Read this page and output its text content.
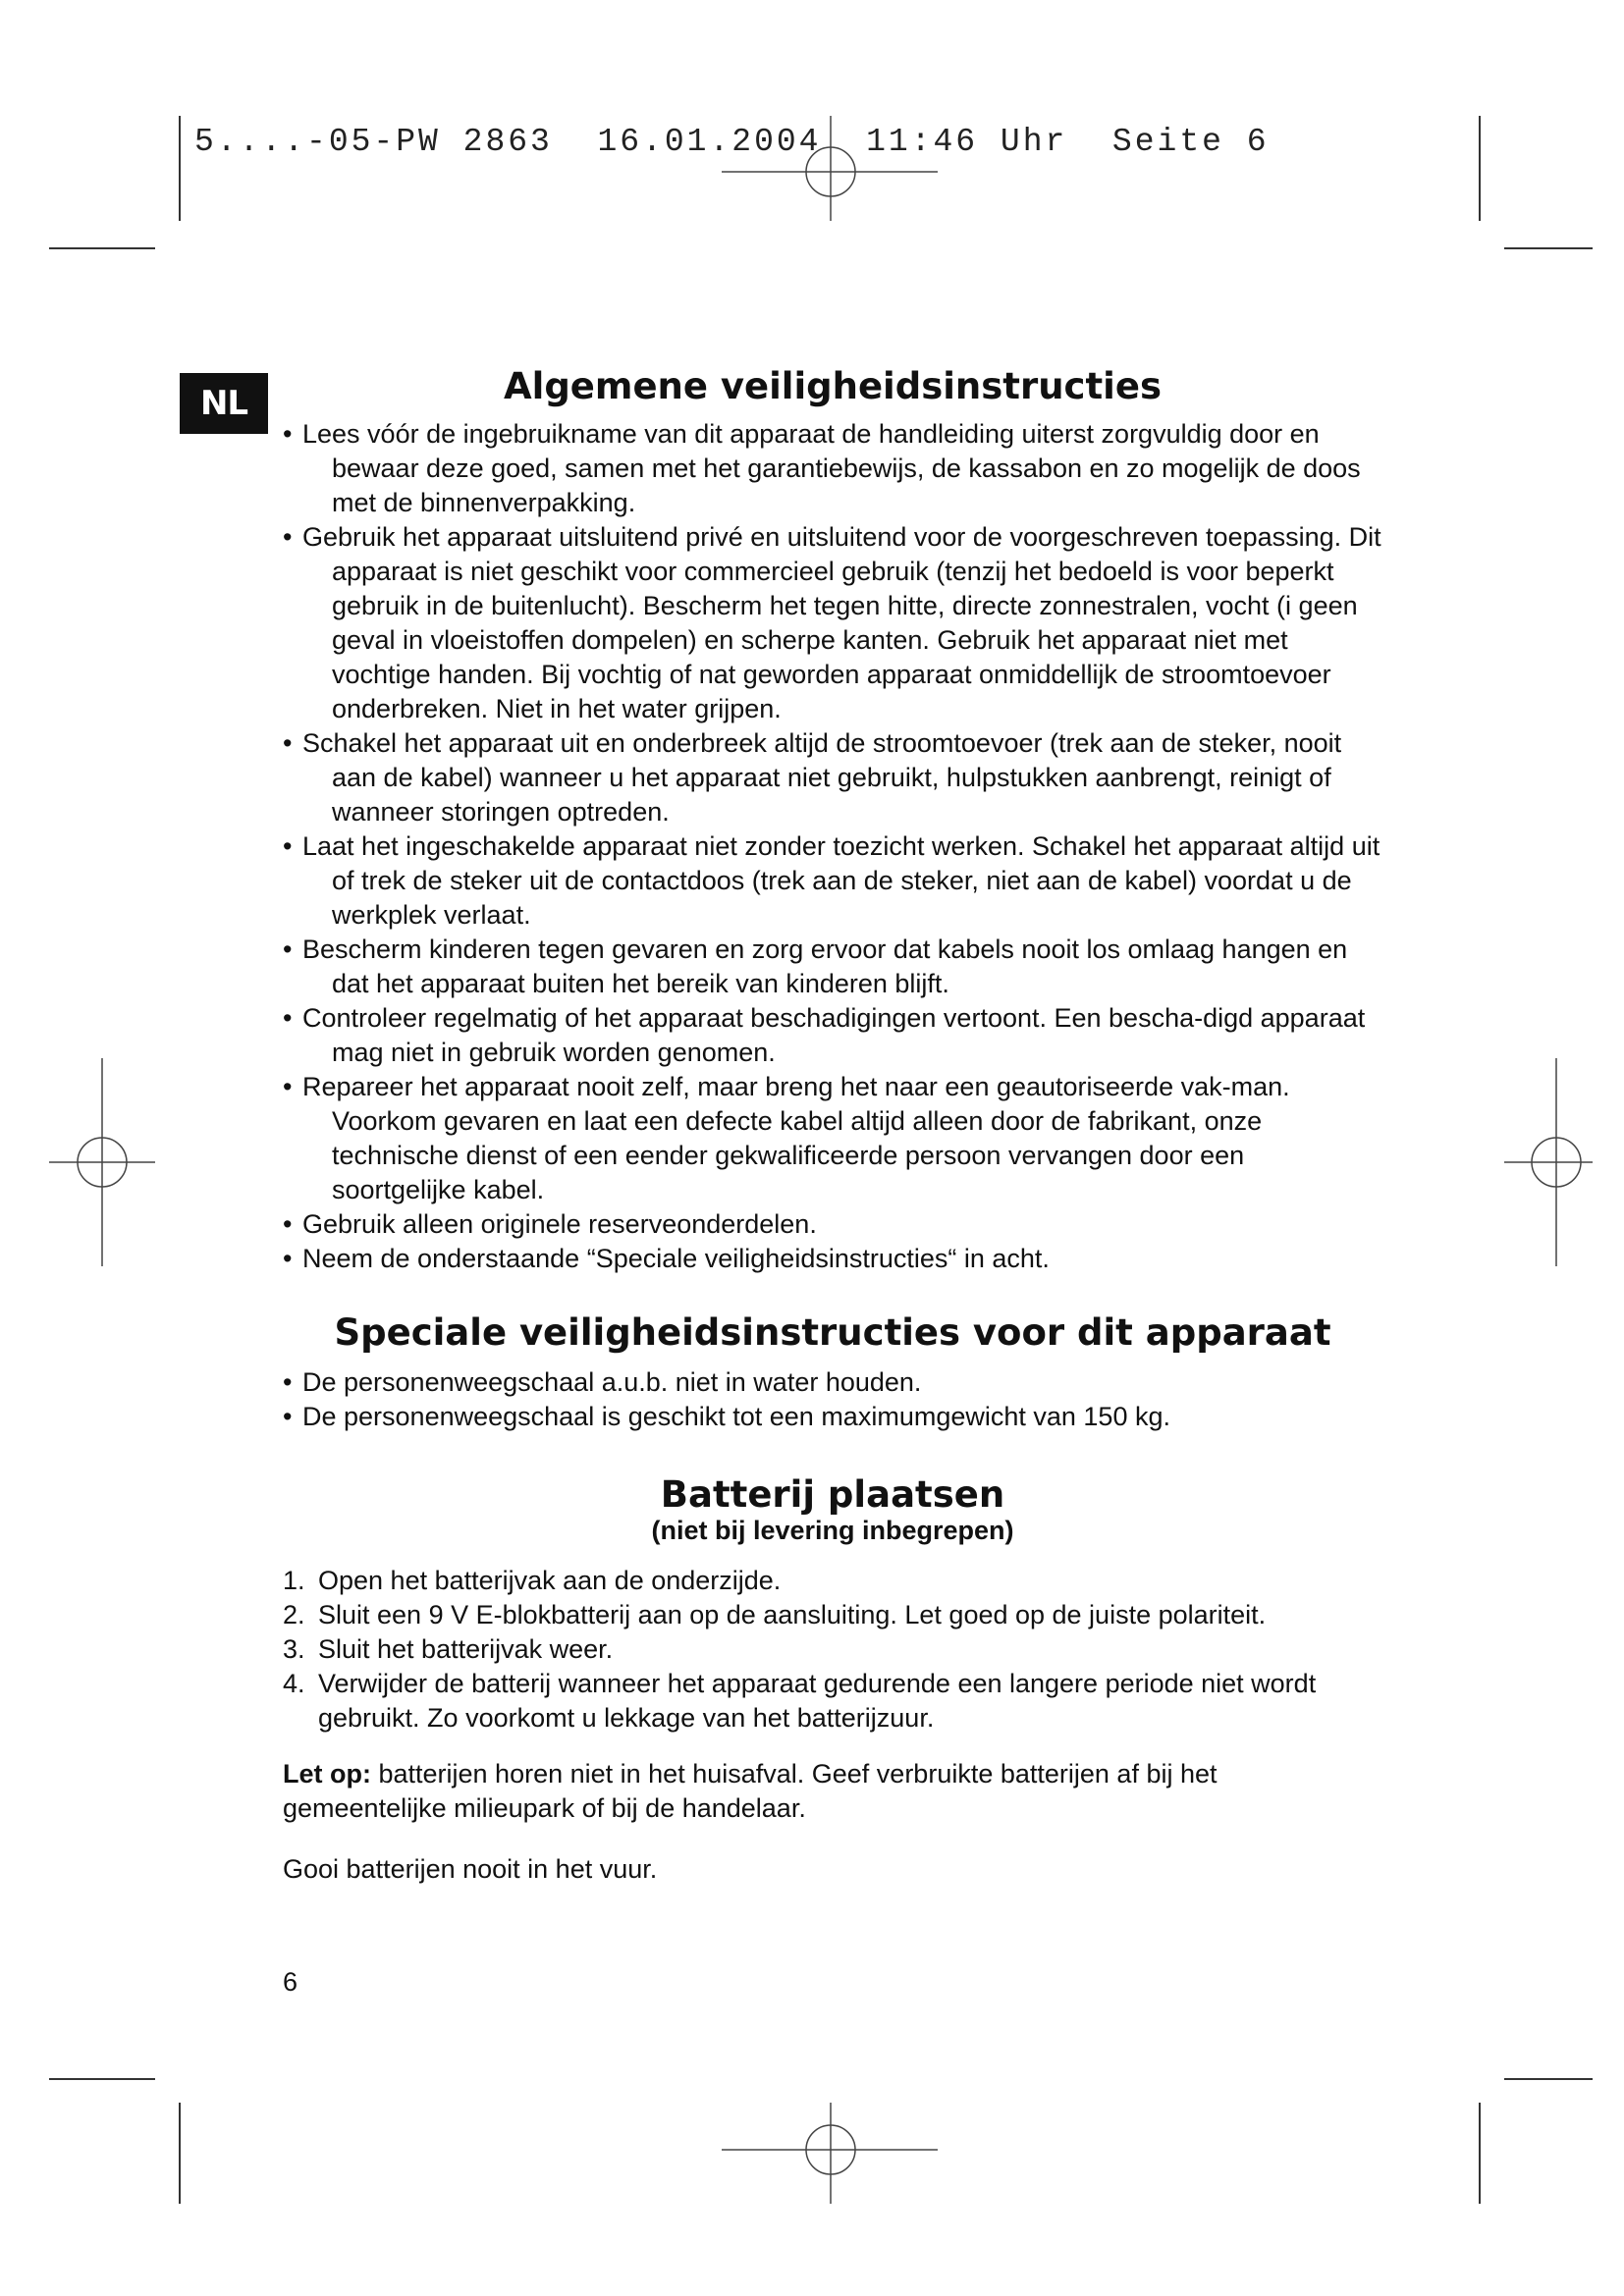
5....-05-PW 2863  16.01.2004  11:46 Uhr  Seite 6
NL	Algemene veiligheidsinstructies
• Lees vóór de ingebruikname van dit apparaat de handleiding uiterst zorgvuldig door en bewaar deze goed, samen met het garantiebewijs, de kassabon en zo mogelijk de doos met de binnenverpakking.
• Gebruik het apparaat uitsluitend privé en uitsluitend voor de voorgeschreven toepassing. Dit apparaat is niet geschikt voor commercieel gebruik (tenzij het bedoeld is voor beperkt gebruik in de buitenlucht). Bescherm het tegen hitte, directe zonnestralen, vocht (i geen geval in vloeistoffen dompelen) en scherpe kanten. Gebruik het apparaat niet met vochtige handen. Bij vochtig of nat geworden apparaat onmiddellijk de stroomtoevoer onderbreken. Niet in het water grijpen.
• Schakel het apparaat uit en onderbreek altijd de stroomtoevoer (trek aan de steker, nooit aan de kabel) wanneer u het apparaat niet gebruikt, hulpstukken aanbrengt, reinigt of wanneer storingen optreden.
• Laat het ingeschakelde apparaat niet zonder toezicht werken. Schakel het apparaat altijd uit of trek de steker uit de contactdoos (trek aan de steker, niet aan de kabel) voordat u de werkplek verlaat.
• Bescherm kinderen tegen gevaren en zorg ervoor dat kabels nooit los omlaag hangen en dat het apparaat buiten het bereik van kinderen blijft.
• Controleer regelmatig of het apparaat beschadigingen vertoont. Een bescha-digd apparaat mag niet in gebruik worden genomen.
• Repareer het apparaat nooit zelf, maar breng het naar een geautoriseerde vak-man. Voorkom gevaren en laat een defecte kabel altijd alleen door de fabrikant, onze technische dienst of een eender gekwalificeerde persoon vervangen door een soortgelijke kabel.
• Gebruik alleen originele reserveonderdelen.
• Neem de onderstaande “Speciale veiligheidsinstructies“ in acht.
Speciale veiligheidsinstructies voor dit apparaat
• De personenweegschaal a.u.b. niet in water houden.
• De personenweegschaal is geschikt tot een maximumgewicht van 150 kg.
Batterij plaatsen
(niet bij levering inbegrepen)
1. Open het batterijvak aan de onderzijde.
2. Sluit een 9 V E-blokbatterij aan op de aansluiting. Let goed op de juiste polariteit.
3. Sluit het batterijvak weer.
4. Verwijder de batterij wanneer het apparaat gedurende een langere periode niet wordt gebruikt. Zo voorkomt u lekkage van het batterijzuur.

Let op: batterijen horen niet in het huisafval. Geef verbruikte batterijen af bij het gemeentelijke milieupark of bij de handelaar.

Gooi batterijen nooit in het vuur.

6
